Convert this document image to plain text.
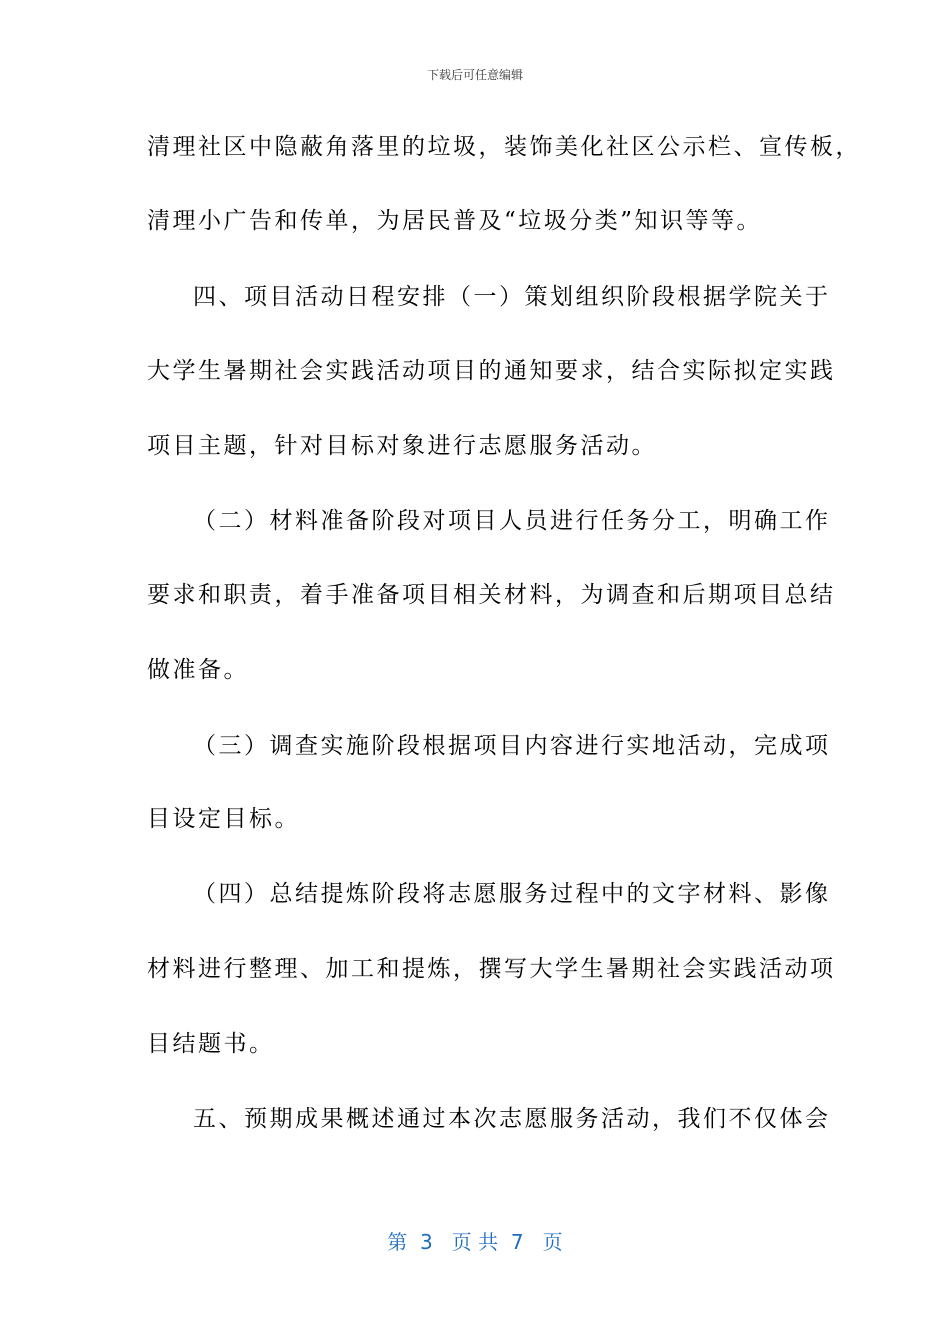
下载后可任意编辑
清理社区中隐蔽角落里的垃圾，装饰美化社区公示栏、宣传板，
清理小广告和传单，为居民普及“垃圾分类”知识等等。
四、项目活动日程安排（一）策划组织阶段根据学院关于
大学生暑期社会实践活动项目的通知要求，结合实际拟定实践
项目主题，针对目标对象进行志愿服务活动。
（二）材料准备阶段对项目人员进行任务分工，明确工作
要求和职责，着手准备项目相关材料，为调查和后期项目总结
做准备。
（三）调查实施阶段根据项目内容进行实地活动，完成项
目设定目标。
（四）总结提炼阶段将志愿服务过程中的文字材料、影像
材料进行整理、加工和提炼，撰写大学生暑期社会实践活动项
目结题书。
五、预期成果概述通过本次志愿服务活动，我们不仅体会
第  3   页 共  7   页
